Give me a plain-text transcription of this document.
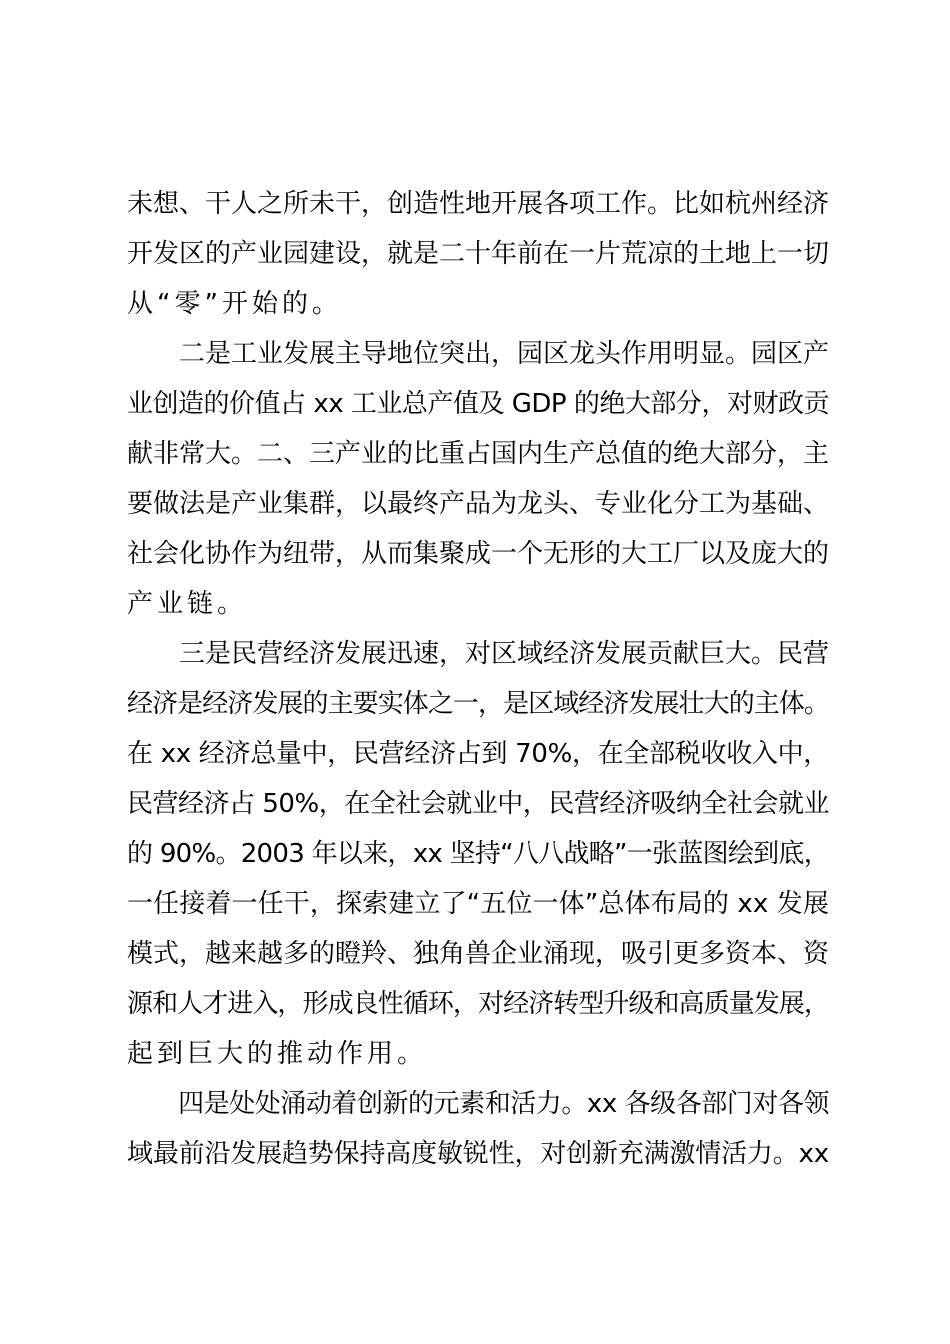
未想、干人之所未干，创造性地开展各项工作。比如杭州经济

开发区的产业园建设，就是二十年前在一片荒凉的土地上一切

从“零”开始的。

　　二是工业发展主导地位突出，园区龙头作用明显。园区产

业创造的价值占 xx 工业总产值及 GDP 的绝大部分，对财政贡

献非常大。二、三产业的比重占国内生产总值的绝大部分，主

要做法是产业集群，以最终产品为龙头、专业化分工为基础、

社会化协作为纽带，从而集聚成一个无形的大工厂以及庞大的

产业链。

　　三是民营经济发展迅速，对区域经济发展贡献巨大。民营

经济是经济发展的主要实体之一，是区域经济发展壮大的主体。

在 xx 经济总量中，民营经济占到 70%，在全部税收收入中，

民营经济占 50%，在全社会就业中，民营经济吸纳全社会就业

的 90%。2003 年以来，xx 坚持“八八战略”一张蓝图绘到底，

一任接着一任干，探索建立了“五位一体”总体布局的 xx 发展

模式，越来越多的瞪羚、独角兽企业涌现，吸引更多资本、资

源和人才进入，形成良性循环，对经济转型升级和高质量发展，

起到巨大的推动作用。

　　四是处处涌动着创新的元素和活力。xx 各级各部门对各领

域最前沿发展趋势保持高度敏锐性，对创新充满激情活力。xx
